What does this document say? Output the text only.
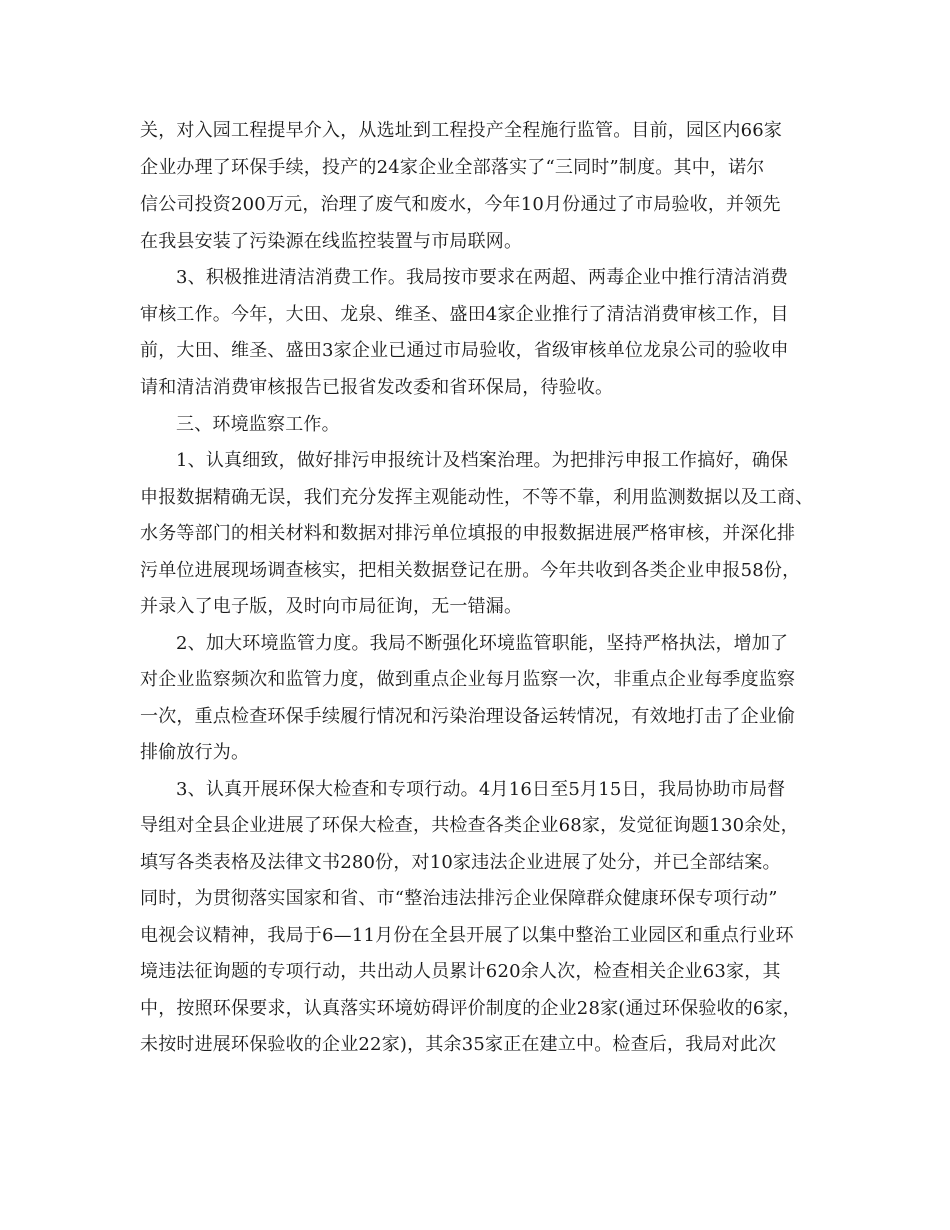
关，对入园工程提早介入，从选址到工程投产全程施行监管。目前，园区内66家
企业办理了环保手续，投产的24家企业全部落实了“三同时”制度。其中，诺尔
信公司投资200万元，治理了废气和废水，今年10月份通过了市局验收，并领先
在我县安装了污染源在线监控装置与市局联网。
3、积极推进清洁消费工作。我局按市要求在两超、两毒企业中推行清洁消费
审核工作。今年，大田、龙泉、维圣、盛田4家企业推行了清洁消费审核工作，目
前，大田、维圣、盛田3家企业已通过市局验收，省级审核单位龙泉公司的验收申
请和清洁消费审核报告已报省发改委和省环保局，待验收。
三、环境监察工作。
1、认真细致，做好排污申报统计及档案治理。为把排污申报工作搞好，确保
申报数据精确无误，我们充分发挥主观能动性，不等不靠，利用监测数据以及工商、
水务等部门的相关材料和数据对排污单位填报的申报数据进展严格审核，并深化排
污单位进展现场调查核实，把相关数据登记在册。今年共收到各类企业申报58份，
并录入了电子版，及时向市局征询，无一错漏。
2、加大环境监管力度。我局不断强化环境监管职能，坚持严格执法，增加了
对企业监察频次和监管力度，做到重点企业每月监察一次，非重点企业每季度监察
一次，重点检查环保手续履行情况和污染治理设备运转情况，有效地打击了企业偷
排偷放行为。
3、认真开展环保大检查和专项行动。4月16日至5月15日，我局协助市局督
导组对全县企业进展了环保大检查，共检查各类企业68家，发觉征询题130余处，
填写各类表格及法律文书280份，对10家违法企业进展了处分，并已全部结案。
同时，为贯彻落实国家和省、市“整治违法排污企业保障群众健康环保专项行动”
电视会议精神，我局于6—11月份在全县开展了以集中整治工业园区和重点行业环
境违法征询题的专项行动，共出动人员累计620余人次，检查相关企业63家，其
中，按照环保要求，认真落实环境妨碍评价制度的企业28家(通过环保验收的6家，
未按时进展环保验收的企业22家)，其余35家正在建立中。检查后，我局对此次
